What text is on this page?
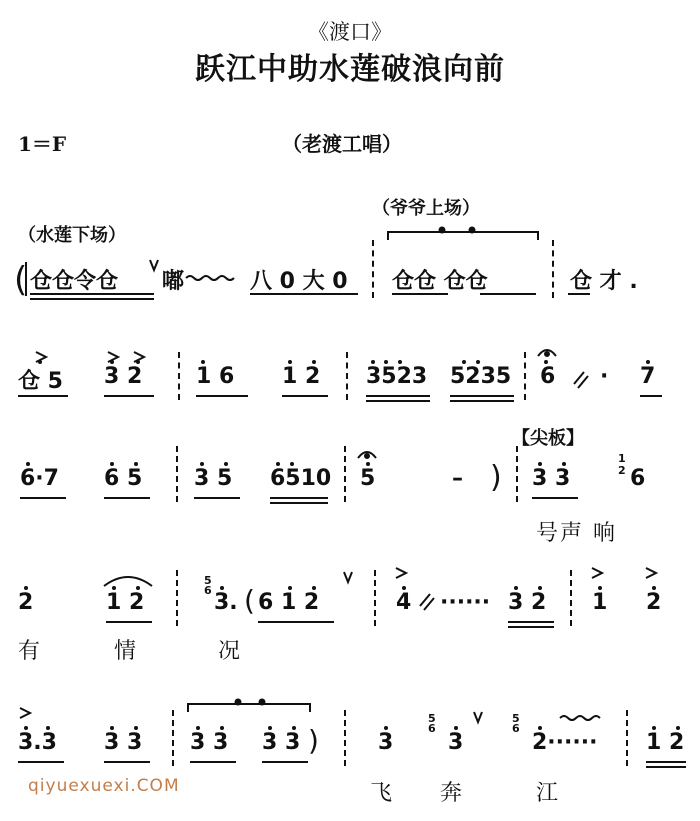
《渡口》
跃江中助水莲破浪向前
1＝F	（老渡工唱）
（爷爷上场）
（水莲下场）
【尖板】
( 仓仓令仓 嘟	八 0 大 0 仓仓 仓仓	仓 才 .
仓 5 3 2 1 6 1 2 3523 5235 6 · 7
6·7 6 5 3 5 6510 5	– ) 3 3	6
号声 响
2	1 2	3. ( 6 1 2	4 ······ 3 2 1 2
有	情	况
3.3 3 3 3 3 3 3 )	3 3	2······ 1 2
飞 奔	江
5
6
1
2
5
6
5
6
qiyuexuexi.COM
